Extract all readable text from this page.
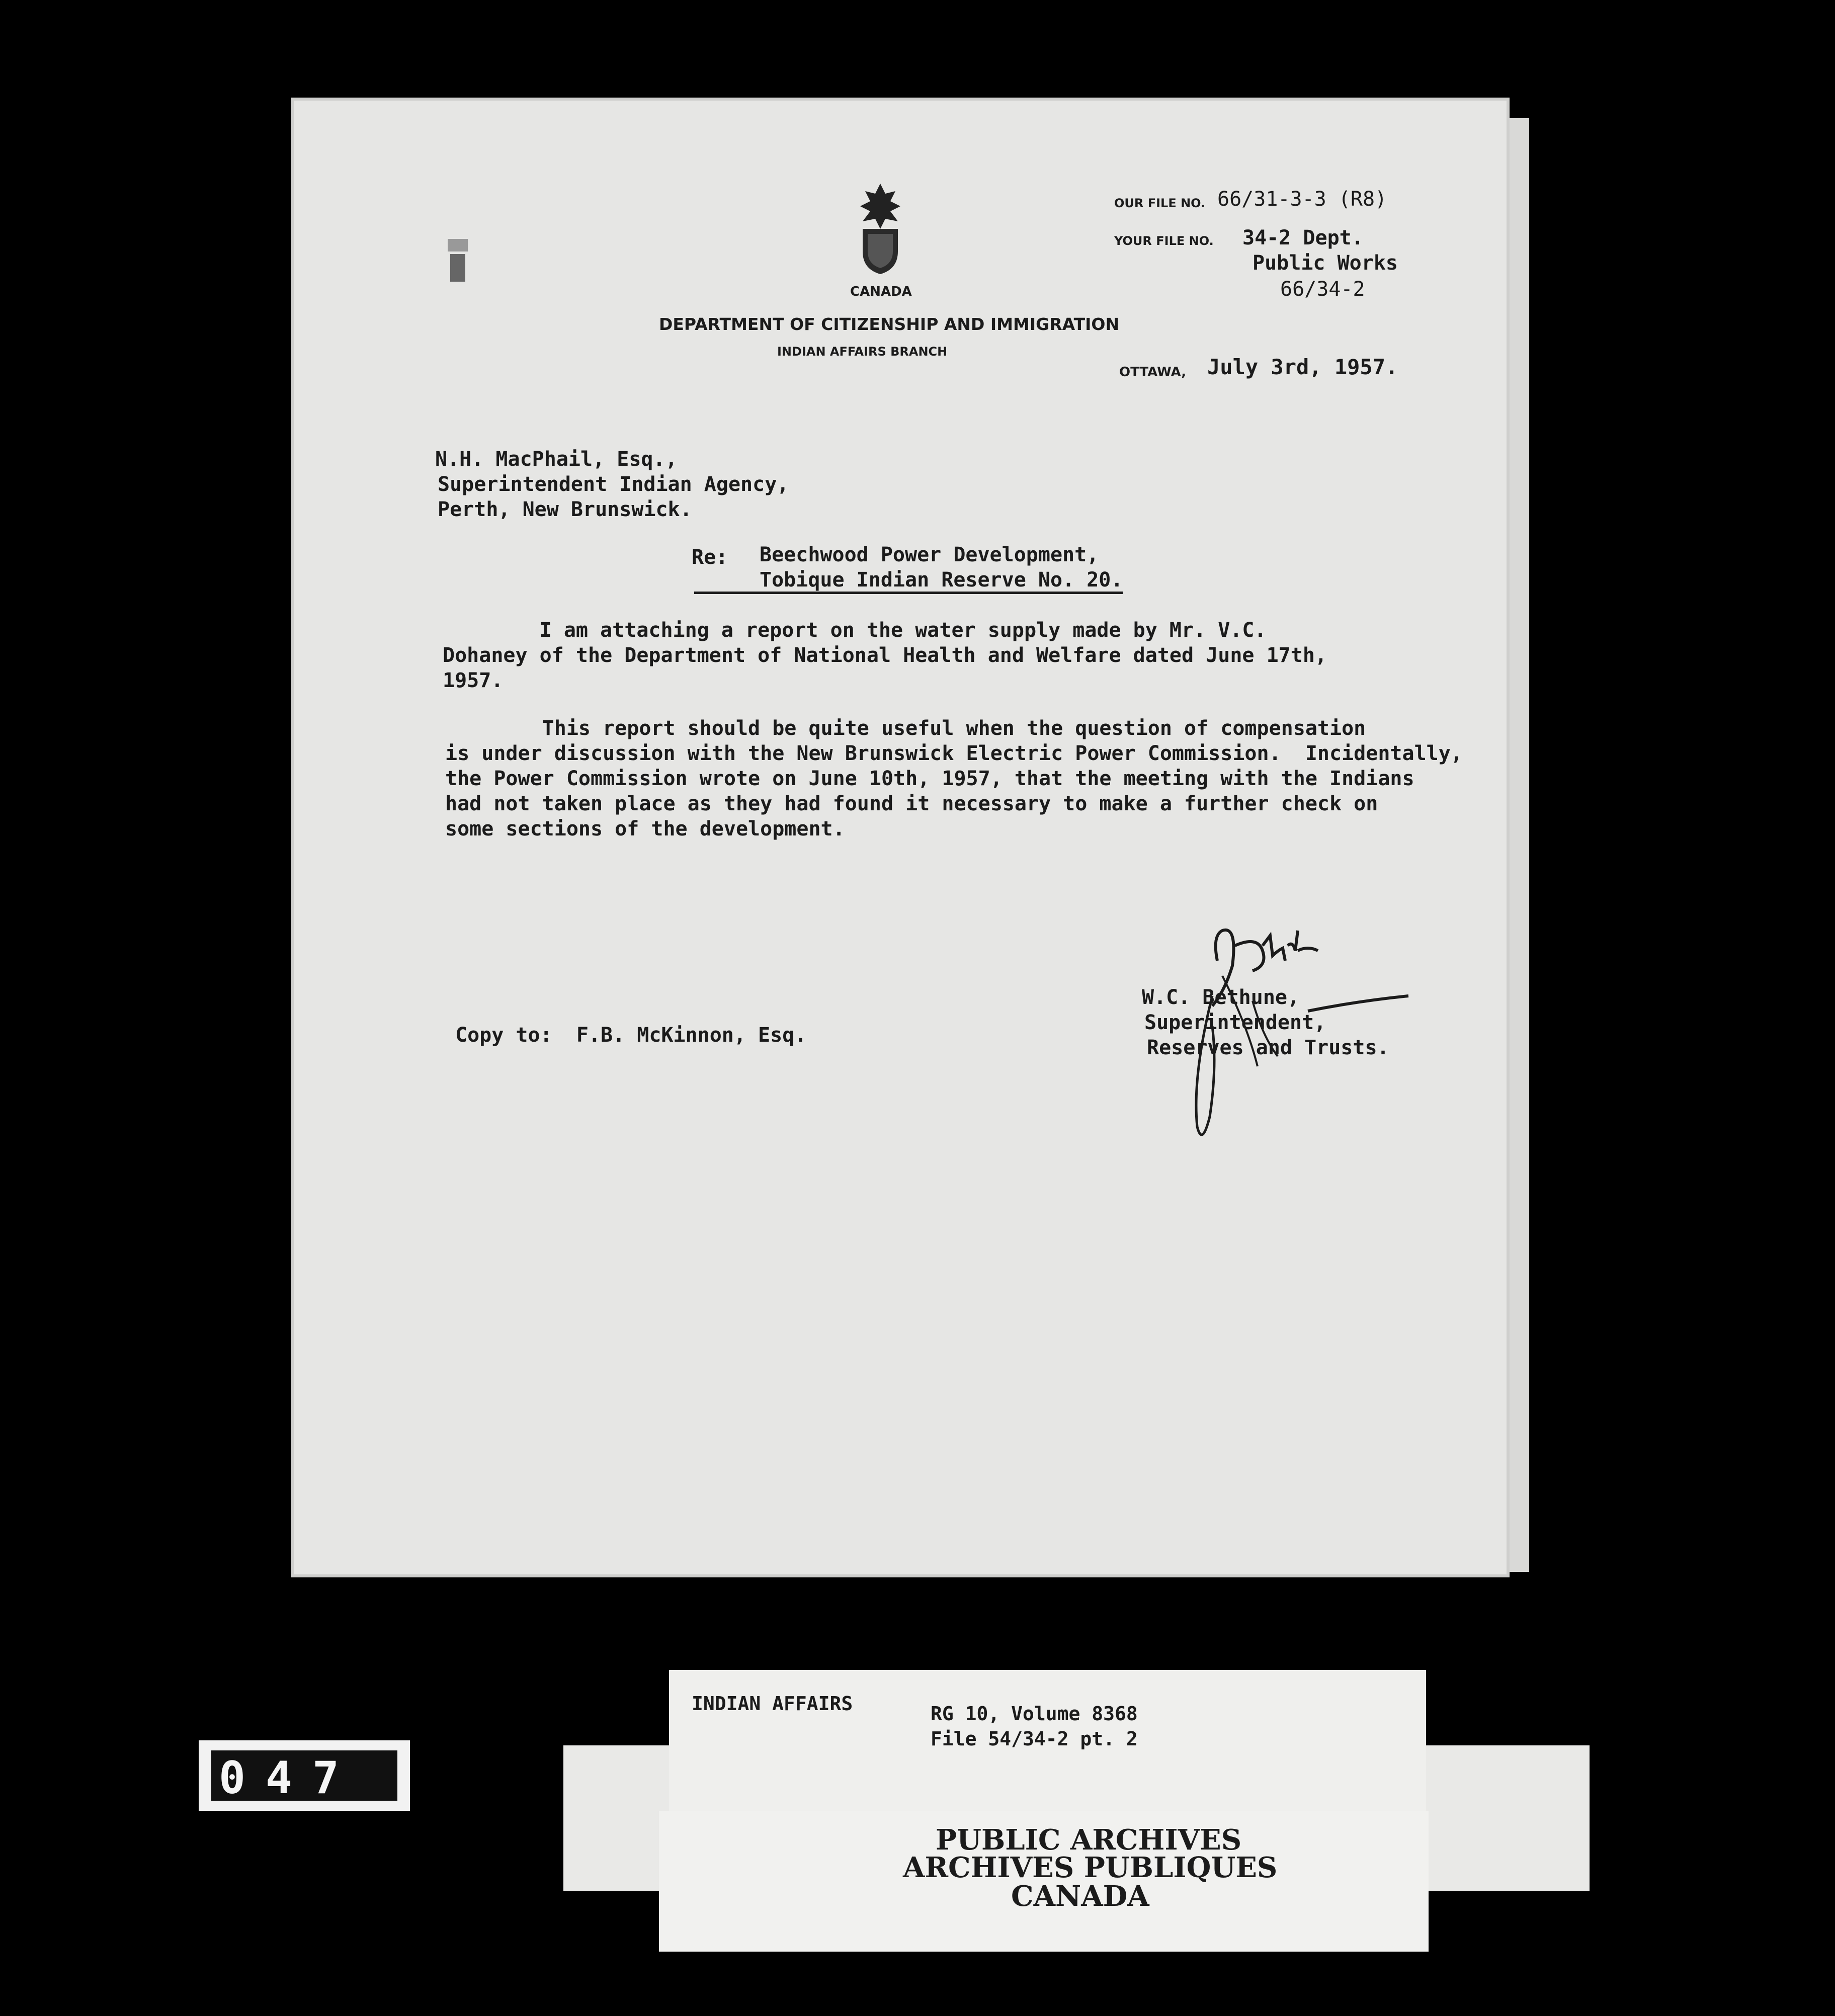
CANADA
DEPARTMENT OF CITIZENSHIP AND IMMIGRATION
INDIAN AFFAIRS BRANCH
OUR FILE NO. 66/31-3-3 (R8)
YOUR FILE NO. 34-2 Dept.
Public Works
66/34-2
OTTAWA, July 3rd, 1957.
N.H. MacPhail, Esq.,
Superintendent Indian Agency,
Perth, New Brunswick.
Re: Beechwood Power Development,
Tobique Indian Reserve No. 20.
I am attaching a report on the water supply made by Mr. V.C.
Dohaney of the Department of National Health and Welfare dated June 17th,
1957.
This report should be quite useful when the question of compensation
is under discussion with the New Brunswick Electric Power Commission.  Incidentally,
the Power Commission wrote on June 10th, 1957, that the meeting with the Indians
had not taken place as they had found it necessary to make a further check on
some sections of the development.
W.C. Bethune,
Superintendent,
Reserves and Trusts.
Copy to:  F.B. McKinnon, Esq.
INDIAN AFFAIRS	RG 10, Volume 8368
File 54/34-2 pt. 2
PUBLIC ARCHIVES
ARCHIVES PUBLIQUES
CANADA
047
